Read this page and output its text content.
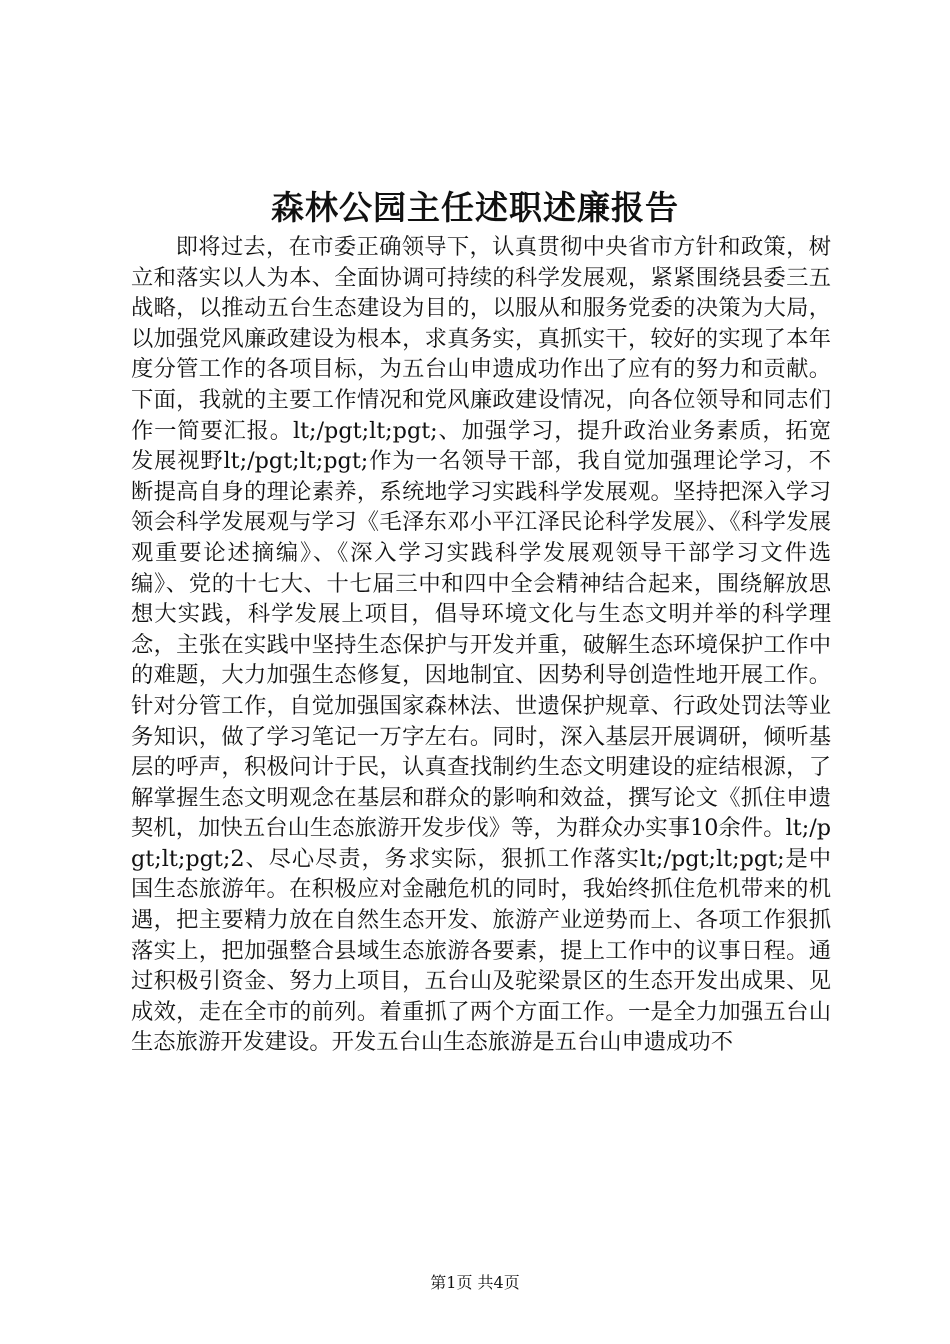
森林公园主任述职述廉报告

即将过去，在市委正确领导下，认真贯彻中央省市方针和政策，树立和落实以人为本、全面协调可持续的科学发展观，紧紧围绕县委三五战略，以推动五台生态建设为目的，以服从和服务党委的决策为大局，以加强党风廉政建设为根本，求真务实，真抓实干，较好的实现了本年度分管工作的各项目标，为五台山申遗成功作出了应有的努力和贡献。下面，我就的主要工作情况和党风廉政建设情况，向各位领导和同志们作一简要汇报。lt;/pgt;lt;pgt;、加强学习，提升政治业务素质，拓宽发展视野lt;/pgt;lt;pgt;作为一名领导干部，我自觉加强理论学习，不断提高自身的理论素养，系统地学习实践科学发展观。坚持把深入学习领会科学发展观与学习《毛泽东邓小平江泽民论科学发展》、《科学发展观重要论述摘编》、《深入学习实践科学发展观领导干部学习文件选编》、党的十七大、十七届三中和四中全会精神结合起来，围绕解放思想大实践，科学发展上项目，倡导环境文化与生态文明并举的科学理念，主张在实践中坚持生态保护与开发并重，破解生态环境保护工作中的难题，大力加强生态修复，因地制宜、因势利导创造性地开展工作。针对分管工作，自觉加强国家森林法、世遗保护规章、行政处罚法等业务知识，做了学习笔记一万字左右。同时，深入基层开展调研，倾听基层的呼声，积极问计于民，认真查找制约生态文明建设的症结根源，了解掌握生态文明观念在基层和群众的影响和效益，撰写论文《抓住申遗契机，加快五台山生态旅游开发步伐》等，为群众办实事10余件。lt;/pgt;lt;pgt;2、尽心尽责，务求实际，狠抓工作落实lt;/pgt;lt;pgt;是中国生态旅游年。在积极应对金融危机的同时，我始终抓住危机带来的机遇，把主要精力放在自然生态开发、旅游产业逆势而上、各项工作狠抓落实上，把加强整合县域生态旅游各要素，提上工作中的议事日程。通过积极引资金、努力上项目，五台山及驼梁景区的生态开发出成果、见成效，走在全市的前列。着重抓了两个方面工作。一是全力加强五台山生态旅游开发建设。开发五台山生态旅游是五台山申遗成功不

第1页 共4页
